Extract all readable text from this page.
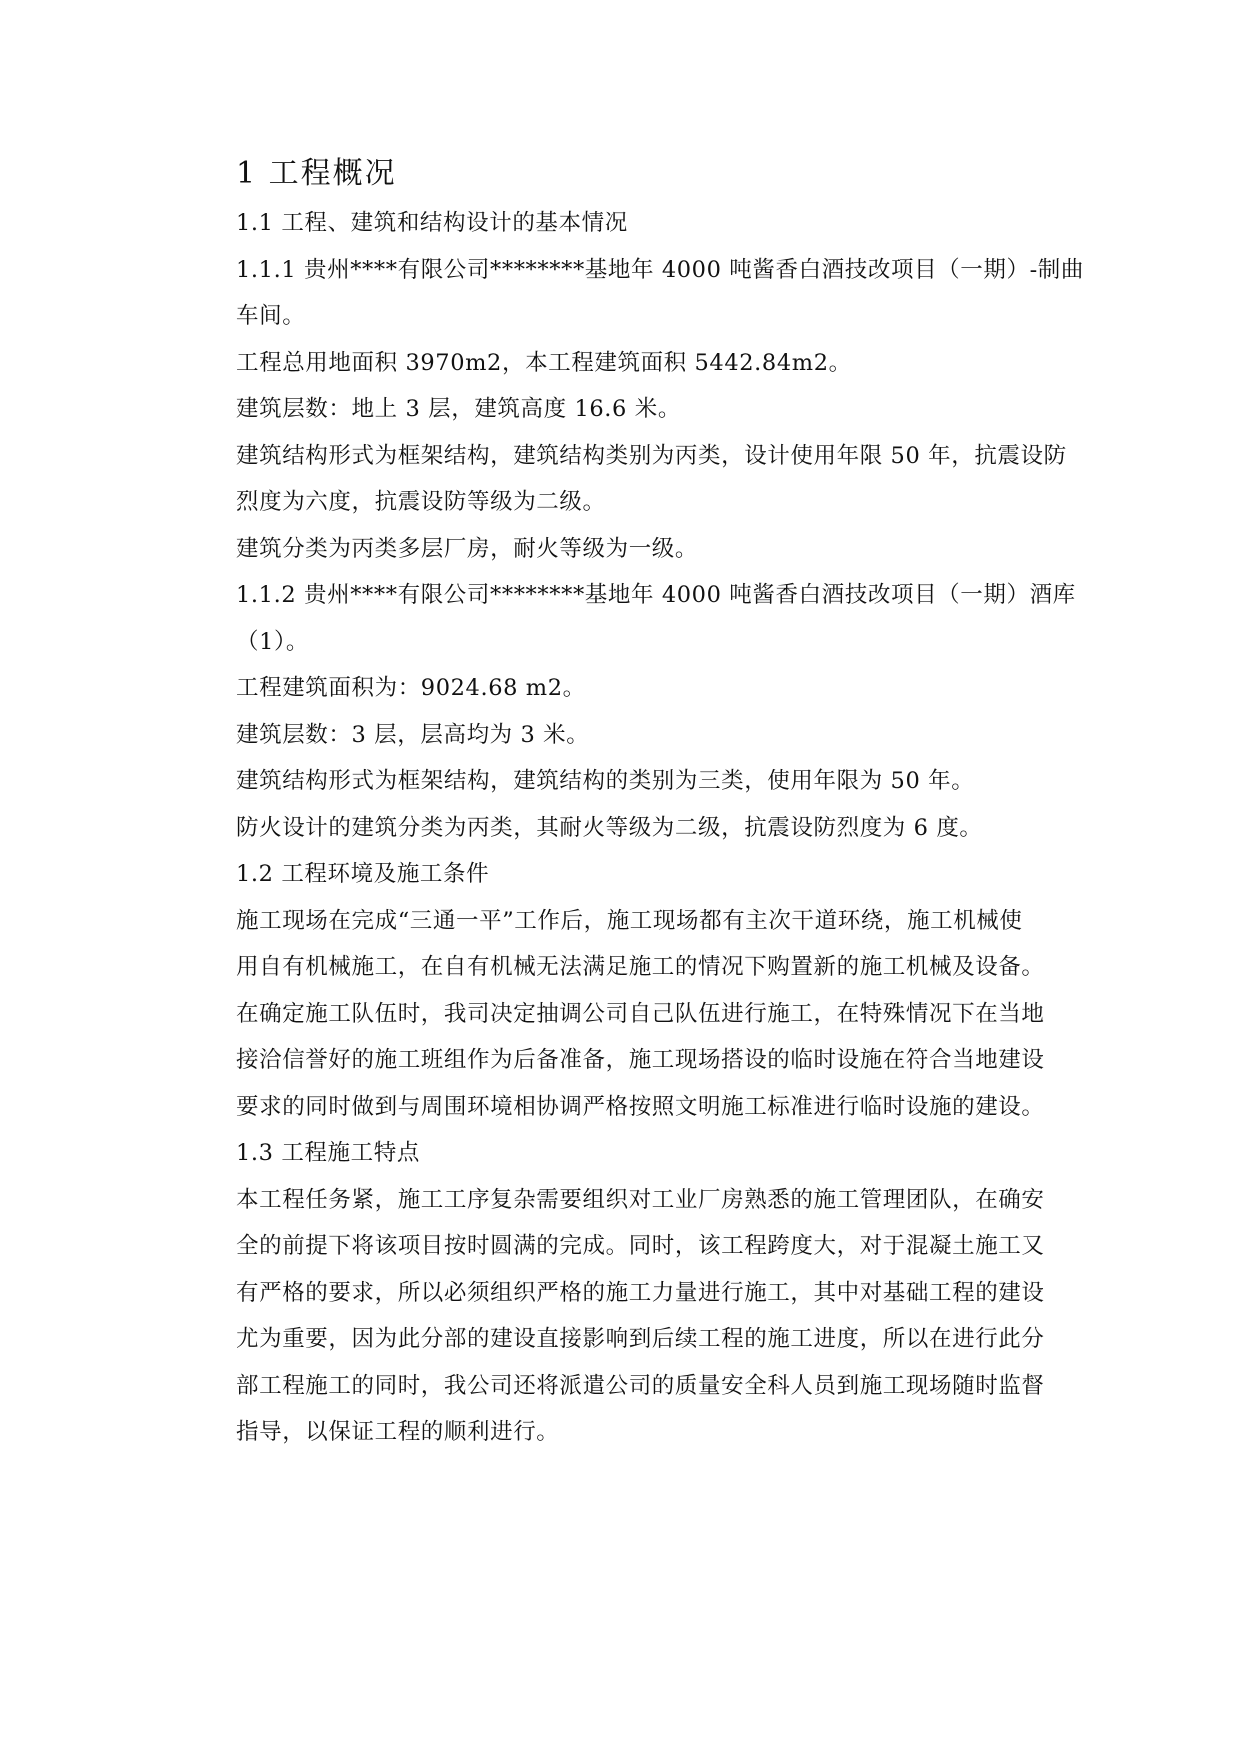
1 工程概况

1.1 工程、建筑和结构设计的基本情况

1.1.1 贵州****有限公司********基地年 4000 吨酱香白酒技改项目（一期）-制曲
车间。

工程总用地面积 3970m2，本工程建筑面积 5442.84m2。

建筑层数：地上 3 层，建筑高度 16.6 米。

建筑结构形式为框架结构，建筑结构类别为丙类，设计使用年限 50 年，抗震设防
烈度为六度，抗震设防等级为二级。

建筑分类为丙类多层厂房，耐火等级为一级。

1.1.2 贵州****有限公司********基地年 4000 吨酱香白酒技改项目（一期）酒库
（1）。

工程建筑面积为：9024.68 m2。

建筑层数：3 层，层高均为 3 米。

建筑结构形式为框架结构，建筑结构的类别为三类，使用年限为 50 年。

防火设计的建筑分类为丙类，其耐火等级为二级，抗震设防烈度为 6 度。

1.2 工程环境及施工条件

施工现场在完成“三通一平”工作后，施工现场都有主次干道环绕，施工机械使
用自有机械施工，在自有机械无法满足施工的情况下购置新的施工机械及设备。
在确定施工队伍时，我司决定抽调公司自己队伍进行施工，在特殊情况下在当地
接洽信誉好的施工班组作为后备准备，施工现场搭设的临时设施在符合当地建设
要求的同时做到与周围环境相协调严格按照文明施工标准进行临时设施的建设。

1.3 工程施工特点

本工程任务紧，施工工序复杂需要组织对工业厂房熟悉的施工管理团队，在确安
全的前提下将该项目按时圆满的完成。同时，该工程跨度大，对于混凝土施工又
有严格的要求，所以必须组织严格的施工力量进行施工，其中对基础工程的建设
尤为重要，因为此分部的建设直接影响到后续工程的施工进度，所以在进行此分
部工程施工的同时，我公司还将派遣公司的质量安全科人员到施工现场随时监督
指导，以保证工程的顺利进行。
